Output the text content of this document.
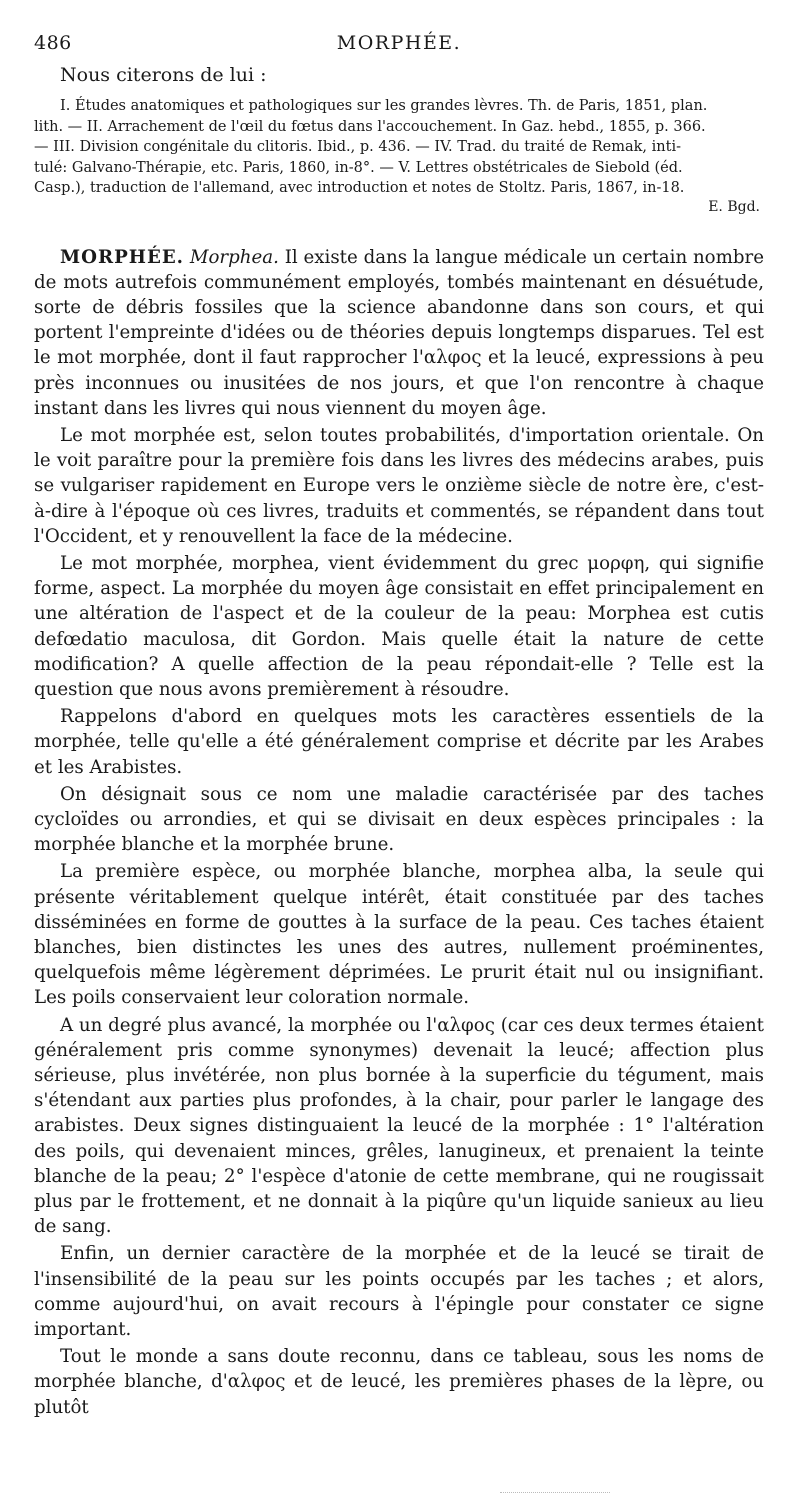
486	MORPHÉE.
Nous citerons de lui :
I. Études anatomiques et pathologiques sur les grandes lèvres. Th. de Paris, 1851, plan.
lith. — II. Arrachement de l'œil du fœtus dans l'accouchement. In Gaz. hebd., 1855, p. 366.
— III. Division congénitale du clitoris. Ibid., p. 436. — IV. Trad. du traité de Remak, inti-
tulé: Galvano-Thérapie, etc. Paris, 1860, in-8°. — V. Lettres obstétricales de Siebold (éd.
Casp.), traduction de l'allemand, avec introduction et notes de Stoltz. Paris, 1867, in-18.
E. Bgd.

MORPHÉE. Morphea. Il existe dans la langue médicale un certain nombre de mots autrefois communément employés, tombés maintenant en désuétude, sorte de débris fossiles que la science abandonne dans son cours, et qui portent l'empreinte d'idées ou de théories depuis longtemps disparues. Tel est le mot morphée, dont il faut rapprocher l'αλφος et la leucé, expressions à peu près inconnues ou inusitées de nos jours, et que l'on rencontre à chaque instant dans les livres qui nous viennent du moyen âge.

Le mot morphée est, selon toutes probabilités, d'importation orientale. On le voit paraître pour la première fois dans les livres des médecins arabes, puis se vulgariser rapidement en Europe vers le onzième siècle de notre ère, c'est-à-dire à l'époque où ces livres, traduits et commentés, se répandent dans tout l'Occident, et y renouvellent la face de la médecine.

Le mot morphée, morphea, vient évidemment du grec μορφη, qui signifie forme, aspect. La morphée du moyen âge consistait en effet principalement en une altération de l'aspect et de la couleur de la peau: Morphea est cutis defœdatio maculosa, dit Gordon. Mais quelle était la nature de cette modification? A quelle affection de la peau répondait-elle ? Telle est la question que nous avons premièrement à résoudre.

Rappelons d'abord en quelques mots les caractères essentiels de la morphée, telle qu'elle a été généralement comprise et décrite par les Arabes et les Arabistes.

On désignait sous ce nom une maladie caractérisée par des taches cycloïdes ou arrondies, et qui se divisait en deux espèces principales : la morphée blanche et la morphée brune.

La première espèce, ou morphée blanche, morphea alba, la seule qui présente véritablement quelque intérêt, était constituée par des taches disséminées en forme de gouttes à la surface de la peau. Ces taches étaient blanches, bien distinctes les unes des autres, nullement proéminentes, quelquefois même légèrement déprimées. Le prurit était nul ou insignifiant. Les poils conservaient leur coloration normale.

A un degré plus avancé, la morphée ou l'αλφος (car ces deux termes étaient généralement pris comme synonymes) devenait la leucé; affection plus sérieuse, plus invétérée, non plus bornée à la superficie du tégument, mais s'étendant aux parties plus profondes, à la chair, pour parler le langage des arabistes. Deux signes distinguaient la leucé de la morphée : 1° l'altération des poils, qui devenaient minces, grêles, lanugineux, et prenaient la teinte blanche de la peau; 2° l'espèce d'atonie de cette membrane, qui ne rougissait plus par le frottement, et ne donnait à la piqûre qu'un liquide sanieux au lieu de sang.

Enfin, un dernier caractère de la morphée et de la leucé se tirait de l'insensibilité de la peau sur les points occupés par les taches ; et alors, comme aujourd'hui, on avait recours à l'épingle pour constater ce signe important.

Tout le monde a sans doute reconnu, dans ce tableau, sous les noms de morphée blanche, d'αλφος et de leucé, les premières phases de la lèpre, ou plutôt
